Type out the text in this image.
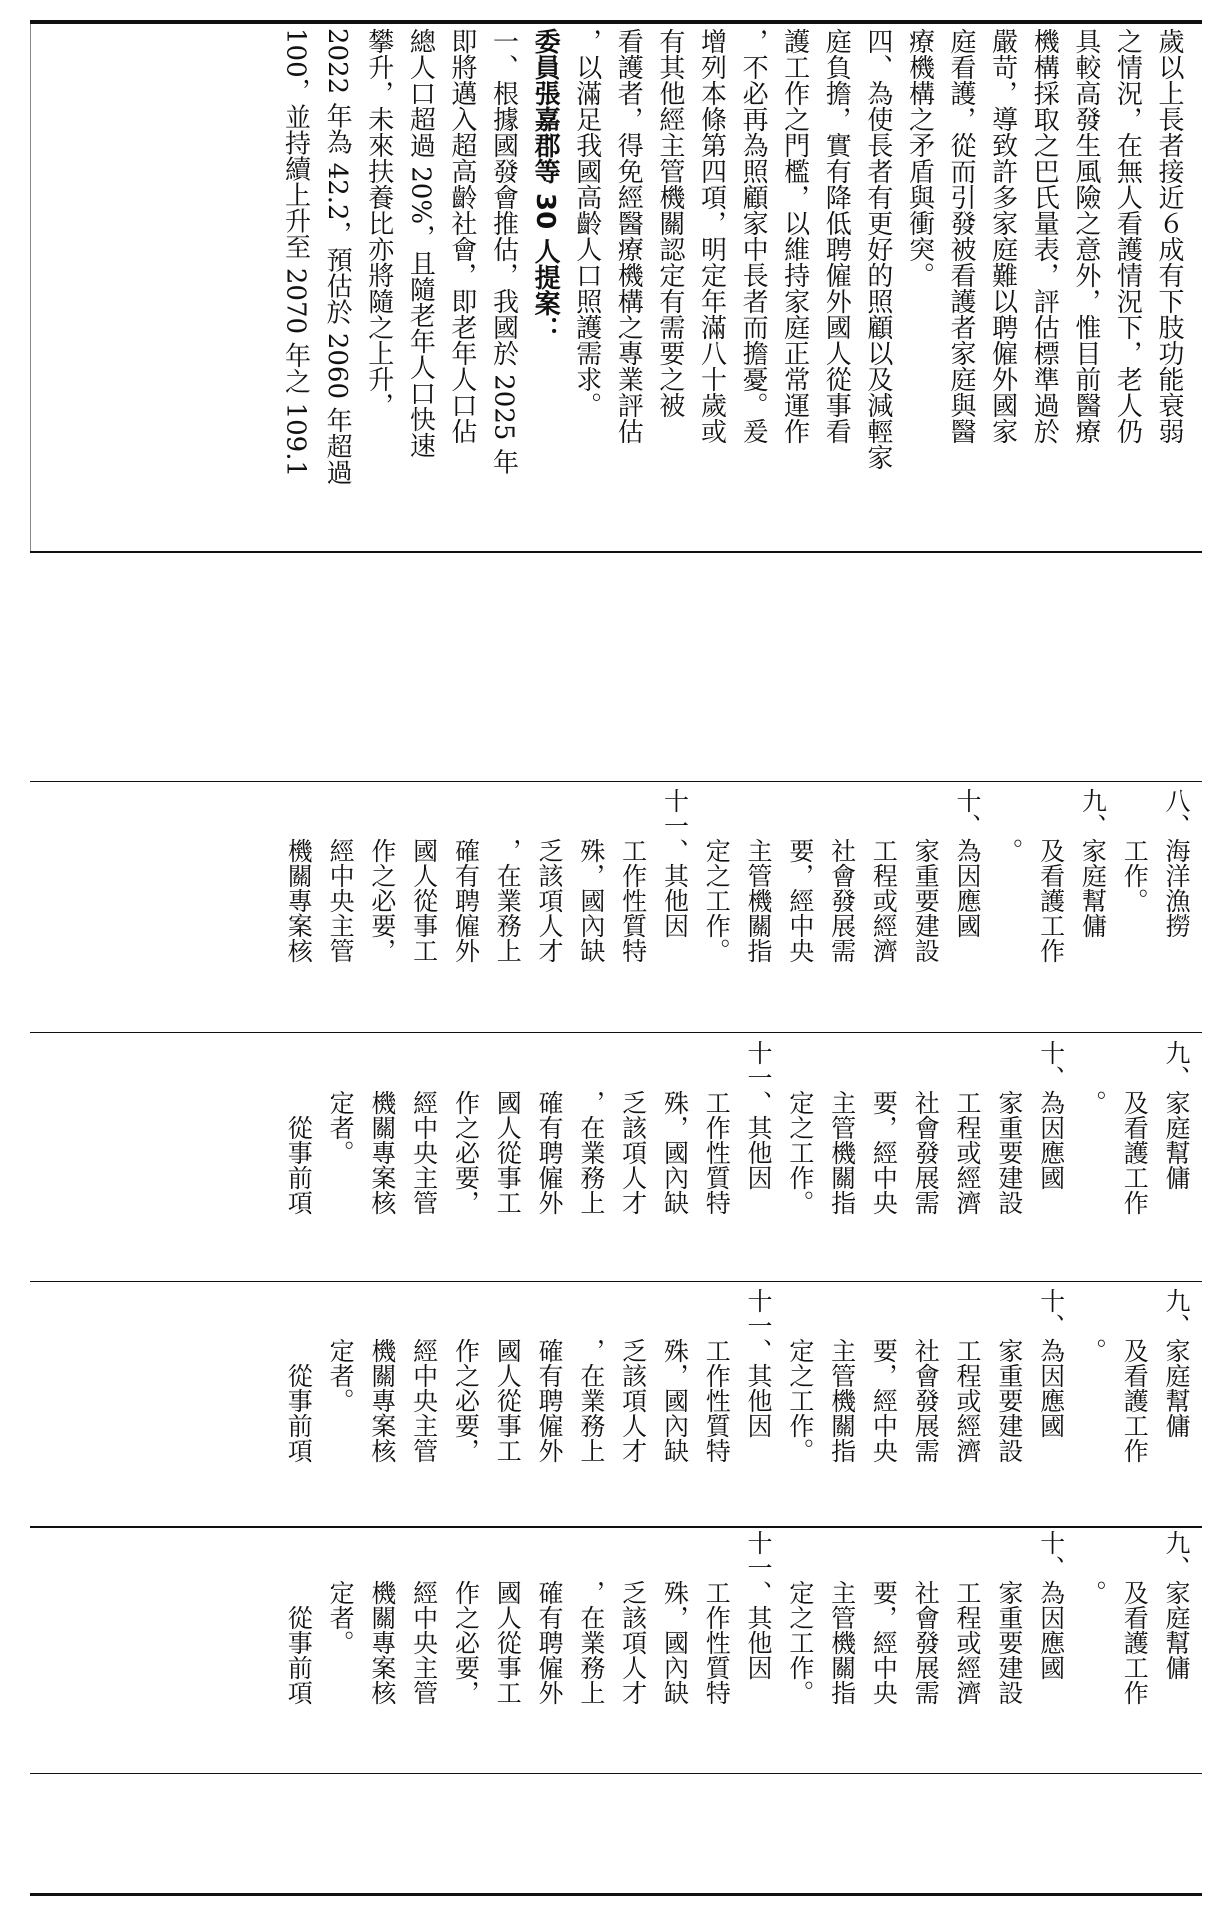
歲以上長者接近６成有下肢功能衰弱

之情況，在無人看護情況下，老人仍

具較高發生風險之意外，惟目前醫療

機構採取之巴氏量表，評估標準過於

嚴苛，導致許多家庭難以聘僱外國家

庭看護，從而引發被看護者家庭與醫

療機構之矛盾與衝突。

四、為使長者有更好的照顧以及減輕家

庭負擔，實有降低聘僱外國人從事看

護工作之門檻，以維持家庭正常運作

，不必再為照顧家中長者而擔憂。爰

增列本條第四項，明定年滿八十歲或

有其他經主管機關認定有需要之被

看護者，得免經醫療機構之專業評估

，以滿足我國高齡人口照護需求。

委員張嘉郡等 30 人提案：

一、根據國發會推估，我國於 2025 年

即將邁入超高齡社會，即老年人口佔

總人口超過 20%，且隨老年人口快速

攀升，未來扶養比亦將隨之上升，

2022 年為 42.2，預估於 2060 年超過

100，並持續上升至 2070 年之 109.1

八、海洋漁撈

　　工作。

九、家庭幫傭

　　及看護工作

　　。

十、為因應國

　　家重要建設

　　工程或經濟

　　社會發展需

　　要，經中央

　　主管機關指

　　定之工作。

十一、其他因

　　工作性質特

　　殊，國內缺

　　乏該項人才

　　，在業務上

　　確有聘僱外

　　國人從事工

　　作之必要，

　　經中央主管

　　機關專案核

九、家庭幫傭

　　及看護工作

　　。

十、為因應國

　　家重要建設

　　工程或經濟

　　社會發展需

　　要，經中央

　　主管機關指

　　定之工作。

十一、其他因

　　工作性質特

　　殊，國內缺

　　乏該項人才

　　，在業務上

　　確有聘僱外

　　國人從事工

　　作之必要，

　　經中央主管

　　機關專案核

　　定者。

　　　從事前項

九、家庭幫傭

　　及看護工作

　　。

十、為因應國

　　家重要建設

　　工程或經濟

　　社會發展需

　　要，經中央

　　主管機關指

　　定之工作。

十一、其他因

　　工作性質特

　　殊，國內缺

　　乏該項人才

　　，在業務上

　　確有聘僱外

　　國人從事工

　　作之必要，

　　經中央主管

　　機關專案核

　　定者。

　　　從事前項

九、家庭幫傭

　　及看護工作

　　。

十、為因應國

　　家重要建設

　　工程或經濟

　　社會發展需

　　要，經中央

　　主管機關指

　　定之工作。

十一、其他因

　　工作性質特

　　殊，國內缺

　　乏該項人才

　　，在業務上

　　確有聘僱外

　　國人從事工

　　作之必要，

　　經中央主管

　　機關專案核

　　定者。

　　　從事前項
